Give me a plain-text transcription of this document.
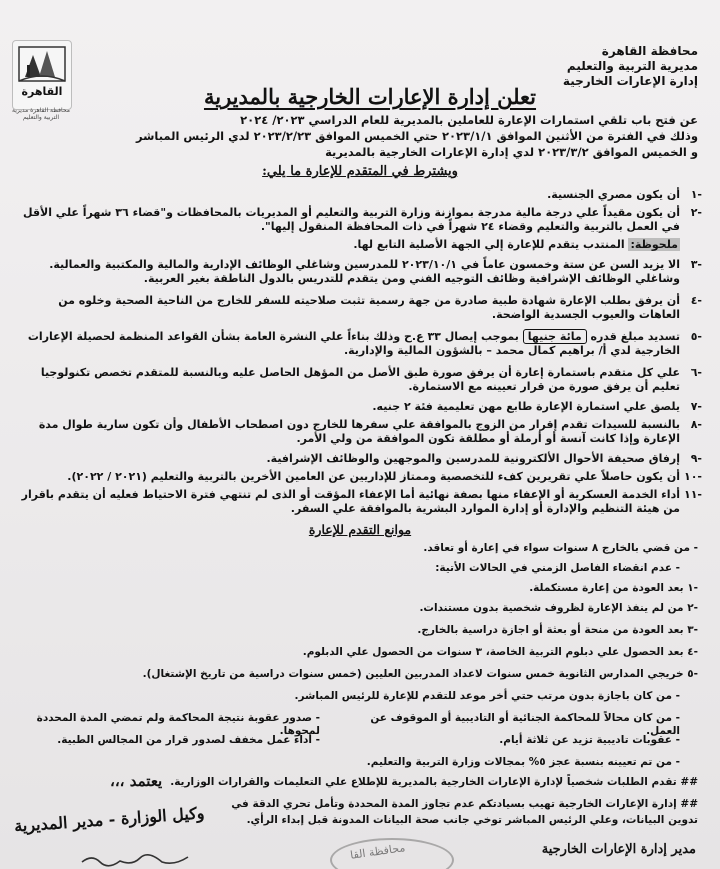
القاهرة
محافظة القاهرة مديرية التربية والتعليم
محافظة القاهرة
مديرية التربية والتعليم
إدارة الإعارات الخارجية
تعلن إدارة الإعارات الخارجية بالمديرية
عن فتح باب تلقي استمارات الإعارة للعاملين بالمديرية للعام الدراسي ٢٠٢٣/ ٢٠٢٤
وذلك في الفترة من الأثنين الموافق ٢٠٢٣/١/١ حتي الخميس الموافق ٢٠٢٣/٢/٢٣ لدي الرئيس المباشر
و الخميس الموافق ٢٠٢٣/٣/٢ لدي إدارة الإعارات الخارجية بالمديرية
ويشترط في المتقدم للإعارة ما يلي:
-١
أن يكون مصري الجنسية.
-٢
أن يكون مقيداً علي درجة مالية مدرجة بموازنة وزارة التربية والتعليم أو المديريات بالمحافظات و"قضاء ٣٦ شهراً علي الأقل في العمل بالتربية والتعليم وقضاء ٢٤ شهراً في ذات المحافظة المنقول إليها".
ملحوظة: المنتدب يتقدم للإعارة إلي الجهة الأصلية التابع لها.
-٣
الا يزيد السن عن ستة وخمسون عاماً في ٢٠٢٣/١٠/١ للمدرسين وشاغلي الوظائف الإدارية والمالية والمكتبية والعمالية. وشاغلي الوظائف الإشرافية وظائف التوجيه الفني ومن يتقدم للتدريس بالدول الناطقة بغير العربية.
-٤
أن يرفق بطلب الإعارة شهادة طبية صادرة من جهة رسمية تثبت صلاحيته للسفر للخارج من الناحية الصحية وخلوه من العاهات والعيوب الجسدية الواضحة.
-٥
تسديد مبلغ قدره مائة جنيها بموجب إيصال ٣٣ ع.ح وذلك بناءاً علي النشرة العامة بشأن القواعد المنظمة لحصيلة الإعارات الخارجية لدي أ/ براهيم كمال محمد – بالشؤون المالية والإدارية.
-٦
علي كل متقدم باستمارة إعارة أن يرفق صورة طبق الأصل من المؤهل الحاصل عليه وبالنسبة للمتقدم تخصص تكنولوجيا تعليم أن يرفق صورة من قرار تعيينه مع الاستمارة.
-٧
يلصق علي استمارة الإعارة طابع مهن تعليمية فئة ٢ جنيه.
-٨
بالنسبة للسيدات تقدم إقرار من الزوج بالموافقة علي سفرها للخارج دون اصطحاب الأطفال وأن تكون سارية طوال مدة الإعارة وإذا كانت آنسة أو أرملة أو مطلقة تكون الموافقة من ولي الأمر.
-٩
إرفاق صحيفة الأحوال الألكترونية للمدرسين والموجهين والوظائف الإشرافية.
-١٠
أن يكون حاصلاً علي تقريرين كفء للتخصصية وممتاز للإداريين عن العامين الأخرين بالتربية والتعليم (٢٠٢١ / ٢٠٢٢).
-١١
أداء الخدمة العسكرية أو الإعفاء منها بصفة نهائية أما الإعفاء المؤقت أو الذى لم تنتهي فترة الاحتياط فعليه أن يتقدم باقرار من هيئة التنظيم والإدارة أو إدارة الموارد البشرية بالموافقة علي السفر.
موانع التقدم للإعارة
- من قضي بالخارج ٨ سنوات سواء في إعارة أو تعاقد.
- عدم انقضاء الفاصل الزمني في الحالات الأتية:
-١ بعد العودة من إعارة مستكملة.
-٢ من لم ينفذ الإعارة لظروف شخصية بدون مستندات.
-٣ بعد العودة من منحة أو بعثة أو اجازة دراسية بالخارج.
-٤ بعد الحصول علي دبلوم التربية الخاصة، ٣ سنوات من الحصول علي الدبلوم.
-٥ خريجي المدارس الثانوية خمس سنوات لاعداد المدربين العليين (خمس سنوات دراسية من تاريخ الإشتغال).
- من كان باجازة بدون مرتب حتي أخر موعد للتقدم للإعارة للرئيس المباشر.
- من كان محالاً للمحاكمة الجنائية أو التاديبية أو الموقوف عن العمل.
- صدور عقوبة نتيجة المحاكمة ولم تمضي المدة المحددة لمحوها.
- عقوبات تاديبية تزيد عن ثلاثة أيام.
- أداء عمل مخفف لصدور قرار من المجالس الطبية.
- من تم تعيينه بنسبة عجز ٥% بمجالات وزارة التربية والتعليم.
## تقدم الطلبات شخصياً لإدارة الإعارات الخارجية بالمديرية للإطلاع علي التعليمات والقرارات الوزارية.
## إدارة الإعارات الخارجية تهيب بسيادتكم عدم تجاوز المدة المحددة وتأمل تحري الدقة في
تدوين البيانات، وعلي الرئيس المباشر توخي جانب صحة البيانات المدونة قبل إبداء الرأي.
يعتمد ،،،
وكيل الوزارة - مدير المديرية
محافظة القا	مدير إدارة الإعارات الخارجية
